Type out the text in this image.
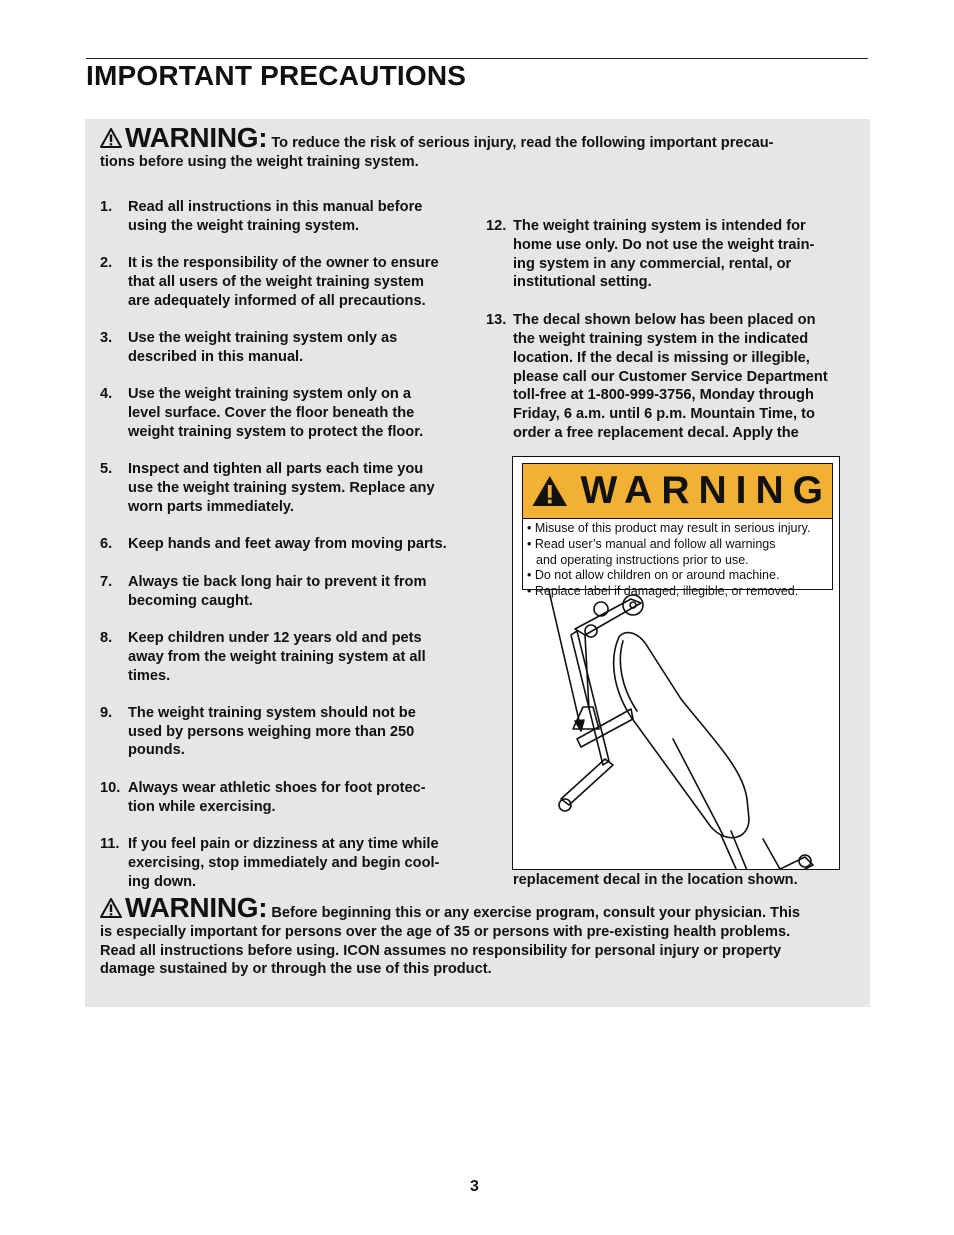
IMPORTANT PRECAUTIONS

WARNING: To reduce the risk of serious injury, read the following important precau-
tions before using the weight training system.

1. Read all instructions in this manual before
using the weight training system.
2. It is the responsibility of the owner to ensure
that all users of the weight training system
are adequately informed of all precautions.
3. Use the weight training system only as
described in this manual.
4. Use the weight training system only on a
level surface. Cover the floor beneath the
weight training system to protect the floor.
5. Inspect and tighten all parts each time you
use the weight training system. Replace any
worn parts immediately.
6. Keep hands and feet away from moving parts.
7. Always tie back long hair to prevent it from
becoming caught.
8. Keep children under 12 years old and pets
away from the weight training system at all
times.
9. The weight training system should not be
used by persons weighing more than 250
pounds.
10. Always wear athletic shoes for foot protec-
tion while exercising.
11. If you feel pain or dizziness at any time while
exercising, stop immediately and begin cool-
ing down.
12. The weight training system is intended for
home use only. Do not use the weight train-
ing system in any commercial, rental, or
institutional setting.
13. The decal shown below has been placed on
the weight training system in the indicated
location. If the decal is missing or illegible,
please call our Customer Service Department
toll-free at 1-800-999-3756, Monday through
Friday, 6 a.m. until 6 p.m. Mountain Time, to
order a free replacement decal. Apply the
WARNING
• Misuse of this product may result in serious injury.
• Read user’s manual and follow all warnings
and operating instructions prior to use.
• Do not allow children on or around machine.
• Replace label if damaged, illegible, or removed.

replacement decal in the location shown.

WARNING: Before beginning this or any exercise program, consult your physician. This
is especially important for persons over the age of 35 or persons with pre-existing health problems.
Read all instructions before using. ICON assumes no responsibility for personal injury or property
damage sustained by or through the use of this product.

3
